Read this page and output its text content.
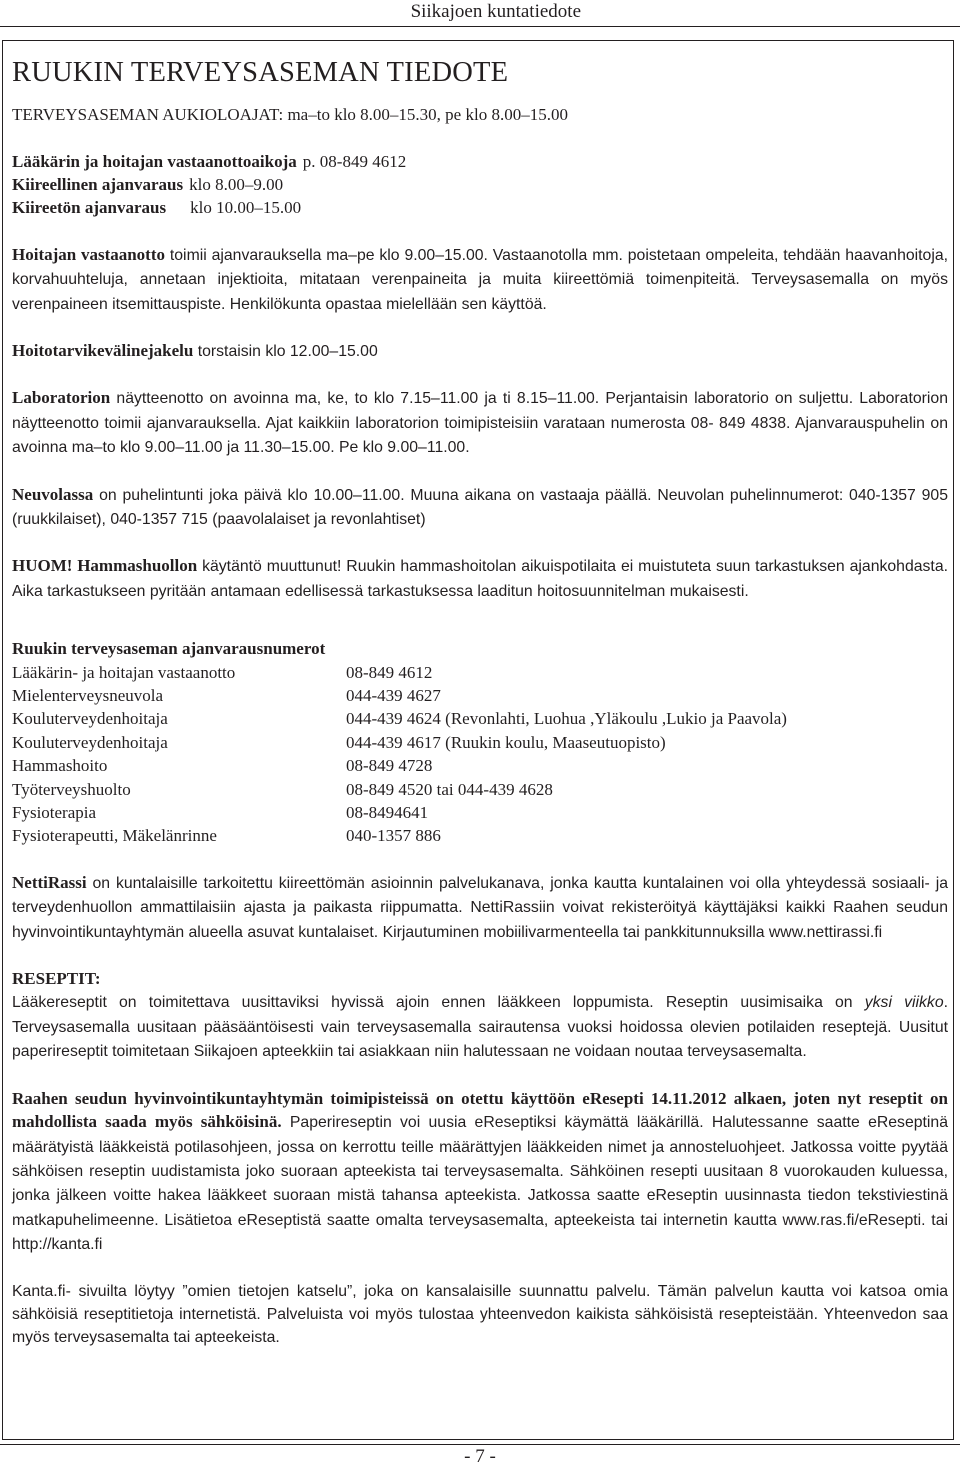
Siikajoen kuntatiedote
RUUKIN TERVEYSASEMAN TIEDOTE
TERVEYSASEMAN AUKIOLOAJAT: ma–to klo 8.00–15.30, pe klo 8.00–15.00
Lääkärin ja hoitajan vastaanottoaikoja p. 08-849 4612
Kiireellinen ajanvaraus klo 8.00–9.00
Kiireetön ajanvaraus klo 10.00–15.00

Hoitajan vastaanotto toimii ajanvarauksella ma–pe klo 9.00–15.00. Vastaanotolla mm. poistetaan ompeleita, tehdään haavanhoitoja, korvahuuhteluja, annetaan injektioita, mitataan verenpaineita ja muita kiireettömiä toimenpiteitä. Terveysasemalla on myös verenpaineen itsemittauspiste. Henkilökunta opastaa mielellään sen käyttöä.

Hoitotarvikevälinejakelu torstaisin klo 12.00–15.00

Laboratorion näytteenotto on avoinna ma, ke, to klo 7.15–11.00 ja ti 8.15–11.00. Perjantaisin laboratorio on suljettu. Laboratorion näytteenotto toimii ajanvarauksella. Ajat kaikkiin laboratorion toimipisteisiin varataan numerosta 08- 849 4838. Ajanvarauspuhelin on avoinna ma–to klo 9.00–11.00 ja 11.30–15.00. Pe klo 9.00–11.00.

Neuvolassa on puhelintunti joka päivä klo 10.00–11.00. Muuna aikana on vastaaja päällä. Neuvolan puhelinnumerot: 040-1357 905 (ruukkilaiset), 040-1357 715 (paavolalaiset ja revonlahtiset)

HUOM! Hammashuollon käytäntö muuttunut! Ruukin hammashoitolan aikuispotilaita ei muistuteta suun tarkastuksen ajankohdasta. Aika tarkastukseen pyritään antamaan edellisessä tarkastuksessa laaditun hoitosuunnitelman mukaisesti.

Ruukin terveysaseman ajanvarausnumerot
Lääkärin- ja hoitajan vastaanotto	08-849 4612
Mielenterveysneuvola	044-439 4627
Kouluterveydenhoitaja	044-439 4624 (Revonlahti, Luohua ,Yläkoulu ,Lukio ja Paavola)
Kouluterveydenhoitaja	044-439 4617 (Ruukin koulu, Maaseutuopisto)
Hammashoito	08-849 4728
Työterveyshuolto	08-849 4520 tai 044-439 4628
Fysioterapia	08-8494641
Fysioterapeutti, Mäkelänrinne	040-1357 886

NettiRassi on kuntalaisille tarkoitettu kiireettömän asioinnin palvelukanava, jonka kautta kuntalainen voi olla yhteydessä sosiaali- ja terveydenhuollon ammattilaisiin ajasta ja paikasta riippumatta. NettiRassiin voivat rekisteröityä käyttäjäksi kaikki Raahen seudun hyvinvointikuntayhtymän alueella asuvat kuntalaiset. Kirjautuminen mobiilivarmenteella tai pankkitunnuksilla www.nettirassi.fi

RESEPTIT:

Lääkereseptit on toimitettava uusittaviksi hyvissä ajoin ennen lääkkeen loppumista. Reseptin uusimisaika on yksi viikko. Terveysasemalla uusitaan pääsääntöisesti vain terveysasemalla sairautensa vuoksi hoidossa olevien potilaiden reseptejä. Uusitut paperireseptit toimitetaan Siikajoen apteekkiin tai asiakkaan niin halutessaan ne voidaan noutaa terveysasemalta.

Raahen seudun hyvinvointikuntayhtymän toimipisteissä on otettu käyttöön eResepti 14.11.2012 alkaen, joten nyt reseptit on mahdollista saada myös sähköisinä. Paperireseptin voi uusia eReseptiksi käymättä lääkärillä. Halutessanne saatte eReseptinä määrätyistä lääkkeistä potilasohjeen, jossa on kerrottu teille määrättyjen lääkkeiden nimet ja annosteluohjeet. Jatkossa voitte pyytää sähköisen reseptin uudistamista joko suoraan apteekista tai terveysasemalta. Sähköinen resepti uusitaan 8 vuorokauden kuluessa, jonka jälkeen voitte hakea lääkkeet suoraan mistä tahansa apteekista. Jatkossa saatte eReseptin uusinnasta tiedon tekstiviestinä matkapuhelimeenne. Lisätietoa eReseptistä saatte omalta terveysasemalta, apteekeista tai internetin kautta www.ras.fi/eResepti. tai http://kanta.fi

Kanta.fi- sivuilta löytyy ”omien tietojen katselu”, joka on kansalaisille suunnattu palvelu. Tämän palvelun kautta voi katsoa omia sähköisiä reseptitietoja internetistä. Palveluista voi myös tulostaa yhteenvedon kaikista sähköisistä resepteistään. Yhteenvedon saa myös terveysasemalta tai apteekeista.

- 7 -
